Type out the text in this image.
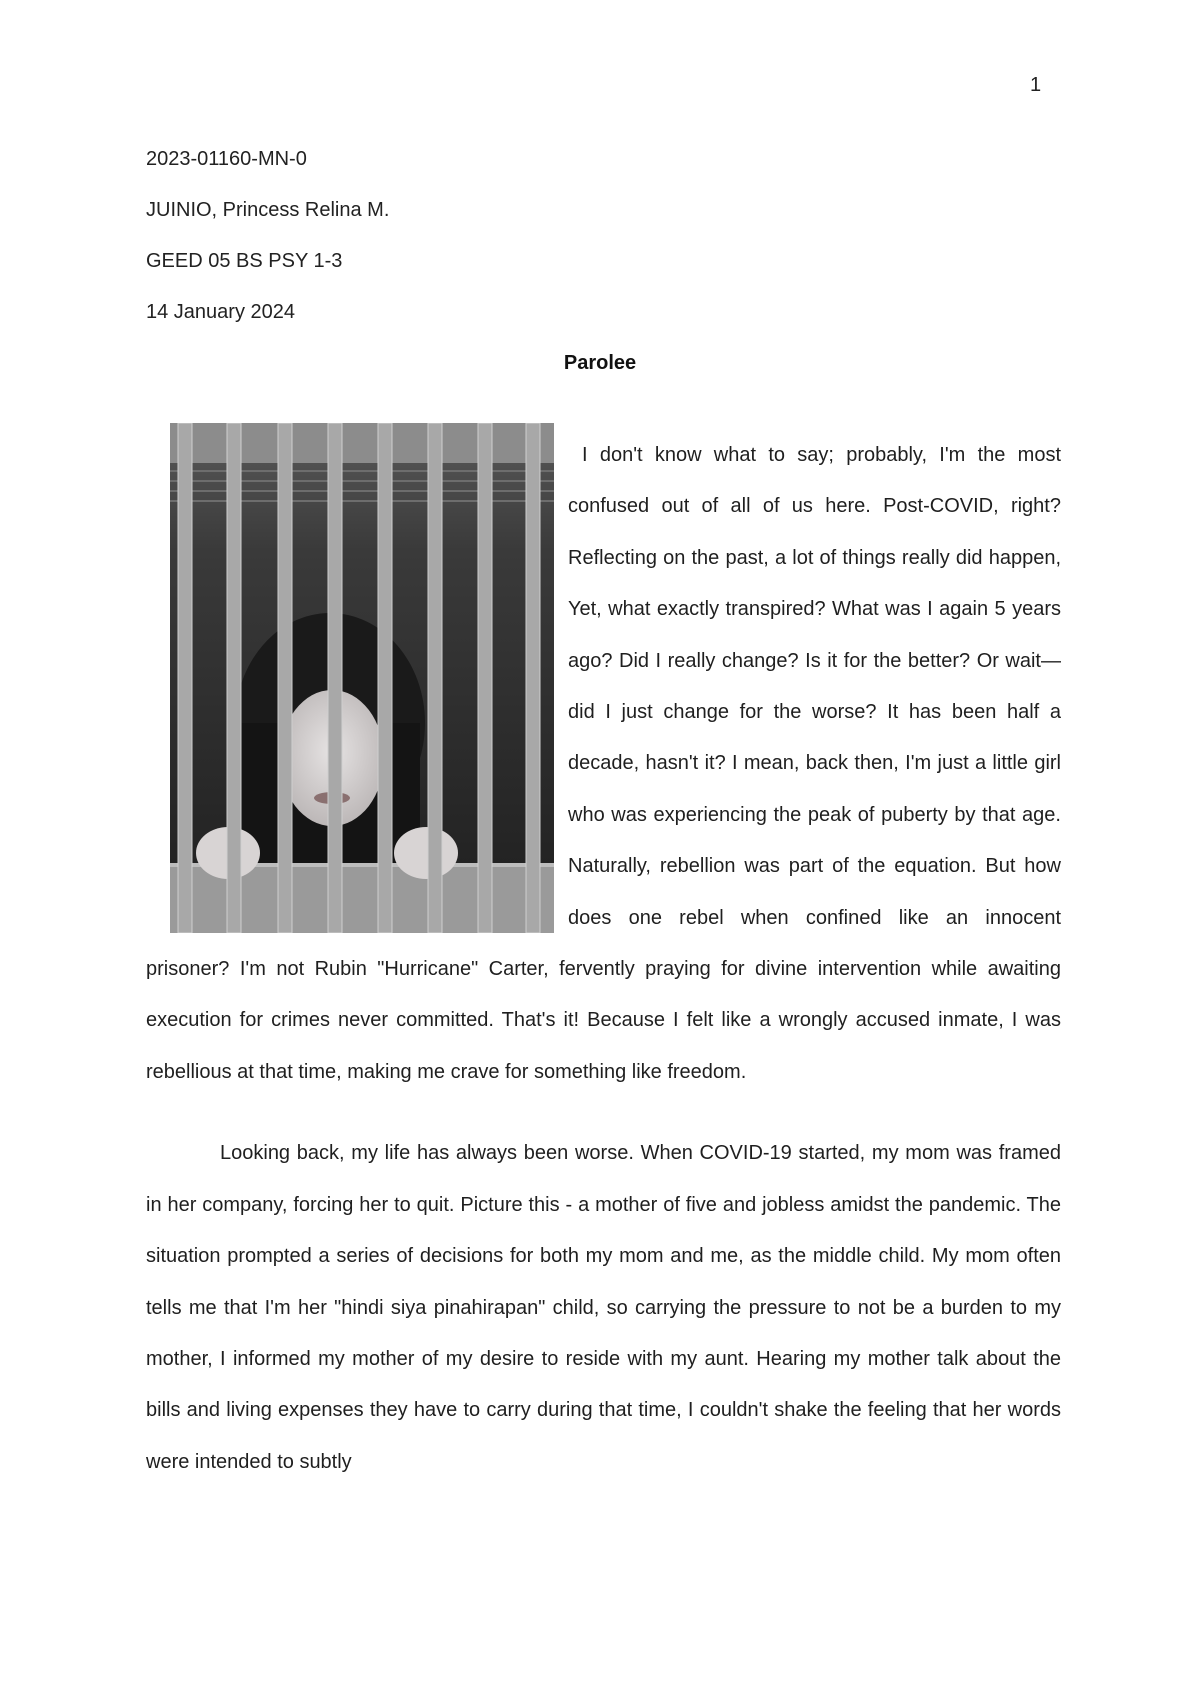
1
2023-01160-MN-0
JUINIO, Princess Relina M.
GEED 05 BS PSY 1-3
14 January 2024
Parolee

I don't know what to say; probably, I'm the most confused out of all of us here. Post-COVID, right? Reflecting on the past, a lot of things really did happen, Yet, what exactly transpired? What was I again 5 years ago? Did I really change? Is it for the better? Or wait—did I just change for the worse? It has been half a decade, hasn't it? I mean, back then, I'm just a little girl who was experiencing the peak of puberty by that age. Naturally, rebellion was part of the equation. But how does one rebel when confined like an innocent prisoner? I'm not Rubin "Hurricane" Carter, fervently praying for divine intervention while awaiting execution for crimes never committed. That's it! Because I felt like a wrongly accused inmate, I was rebellious at that time, making me crave for something like freedom.

Looking back, my life has always been worse. When COVID-19 started, my mom was framed in her company, forcing her to quit. Picture this - a mother of five and jobless amidst the pandemic. The situation prompted a series of decisions for both my mom and me, as the middle child. My mom often tells me that I'm her "hindi siya pinahirapan" child, so carrying the pressure to not be a burden to my mother, I informed my mother of my desire to reside with my aunt. Hearing my mother talk about the bills and living expenses they have to carry during that time, I couldn't shake the feeling that her words were intended to subtly
